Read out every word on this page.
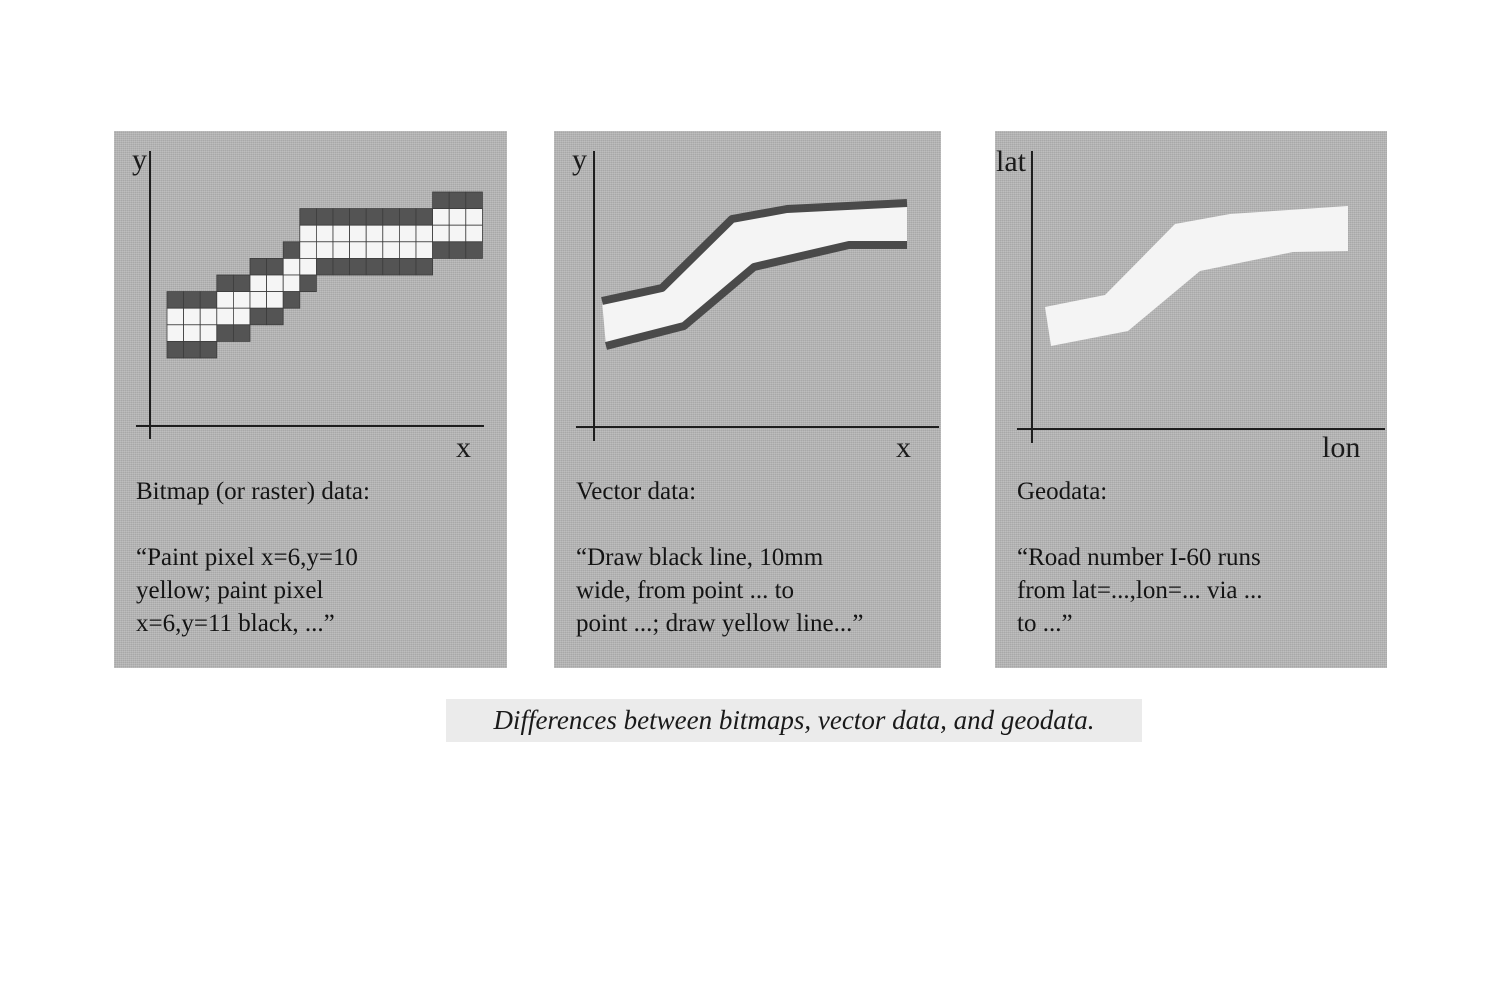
y
x
Bitmap (or raster) data:
“Paint pixel x=6,y=10
yellow; paint pixel
x=6,y=11 black, ...”
y
x
Vector data:
“Draw black line, 10mm
wide, from point ... to
point ...; draw yellow line...”
lat
lon
Geodata:
“Road number I-60 runs
from lat=...,lon=... via ...
to ...”
Differences between bitmaps, vector data, and geodata.
